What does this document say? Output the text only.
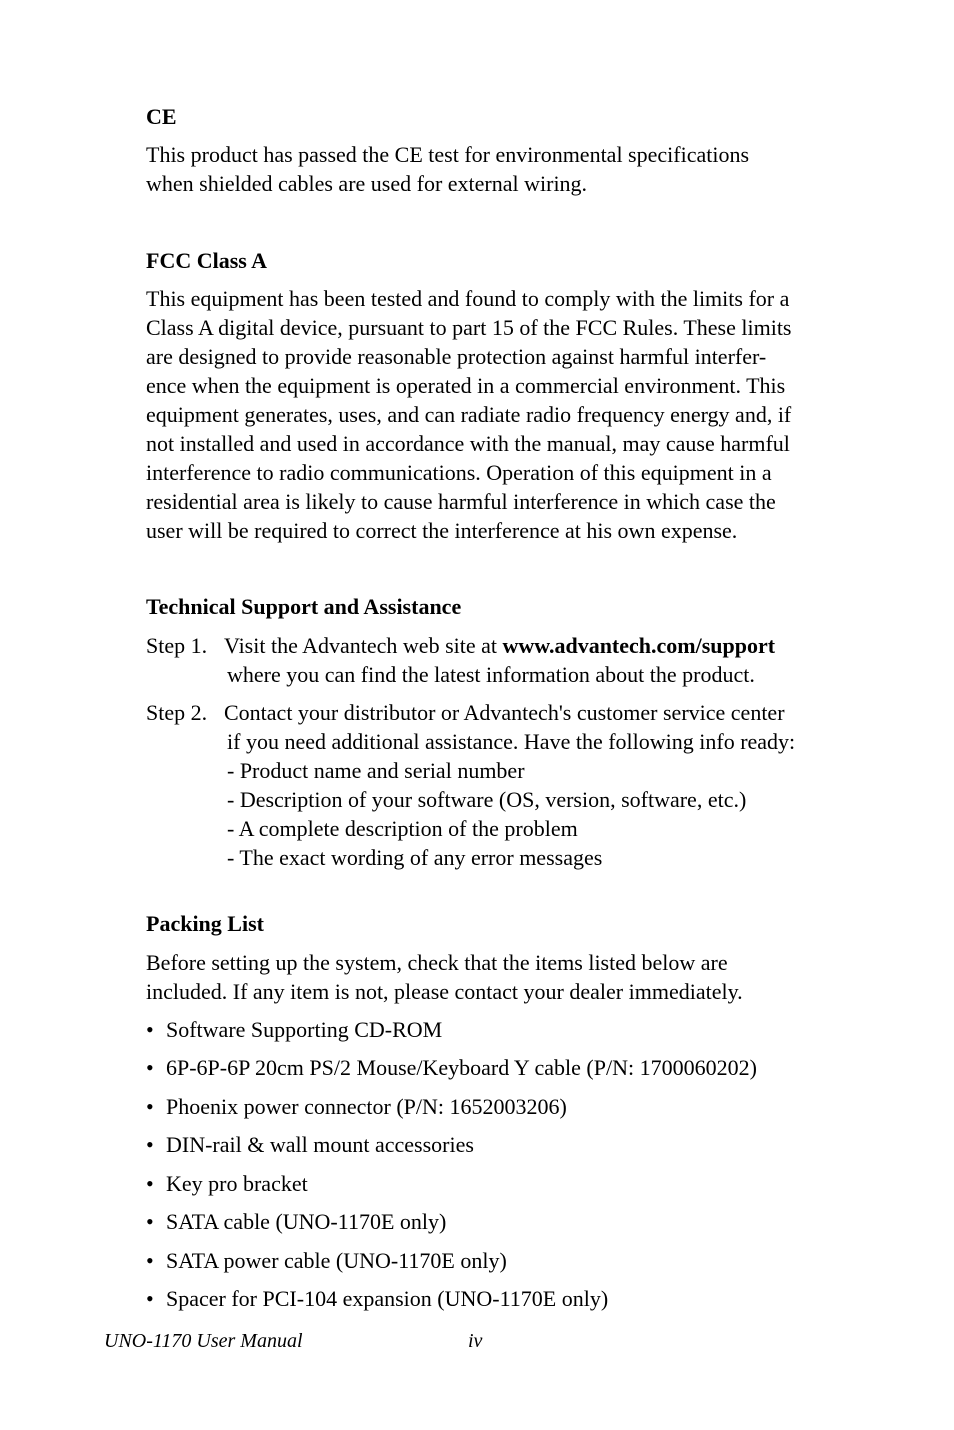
CE
This product has passed the CE test for environmental specifications
when shielded cables are used for external wiring.
FCC Class A
This equipment has been tested and found to comply with the limits for a
Class A digital device, pursuant to part 15 of the FCC Rules. These limits
are designed to provide reasonable protection against harmful interfer-
ence when the equipment is operated in a commercial environment. This
equipment generates, uses, and can radiate radio frequency energy and, if
not installed and used in accordance with the manual, may cause harmful
interference to radio communications. Operation of this equipment in a
residential area is likely to cause harmful interference in which case the
user will be required to correct the interference at his own expense.
Technical Support and Assistance
Step 1. Visit the Advantech web site at www.advantech.com/support
where you can find the latest information about the product.
Step 2. Contact your distributor or Advantech's customer service center
if you need additional assistance. Have the following info ready:
- Product name and serial number
- Description of your software (OS, version, software, etc.)
- A complete description of the problem
- The exact wording of any error messages
Packing List
Before setting up the system, check that the items listed below are
included. If any item is not, please contact your dealer immediately.
• Software Supporting CD-ROM
• 6P-6P-6P 20cm PS/2 Mouse/Keyboard Y cable (P/N: 1700060202)
• Phoenix power connector (P/N: 1652003206)
• DIN-rail & wall mount accessories
• Key pro bracket
• SATA cable (UNO-1170E only)
• SATA power cable (UNO-1170E only)
• Spacer for PCI-104 expansion (UNO-1170E only)
UNO-1170 User Manual	iv
